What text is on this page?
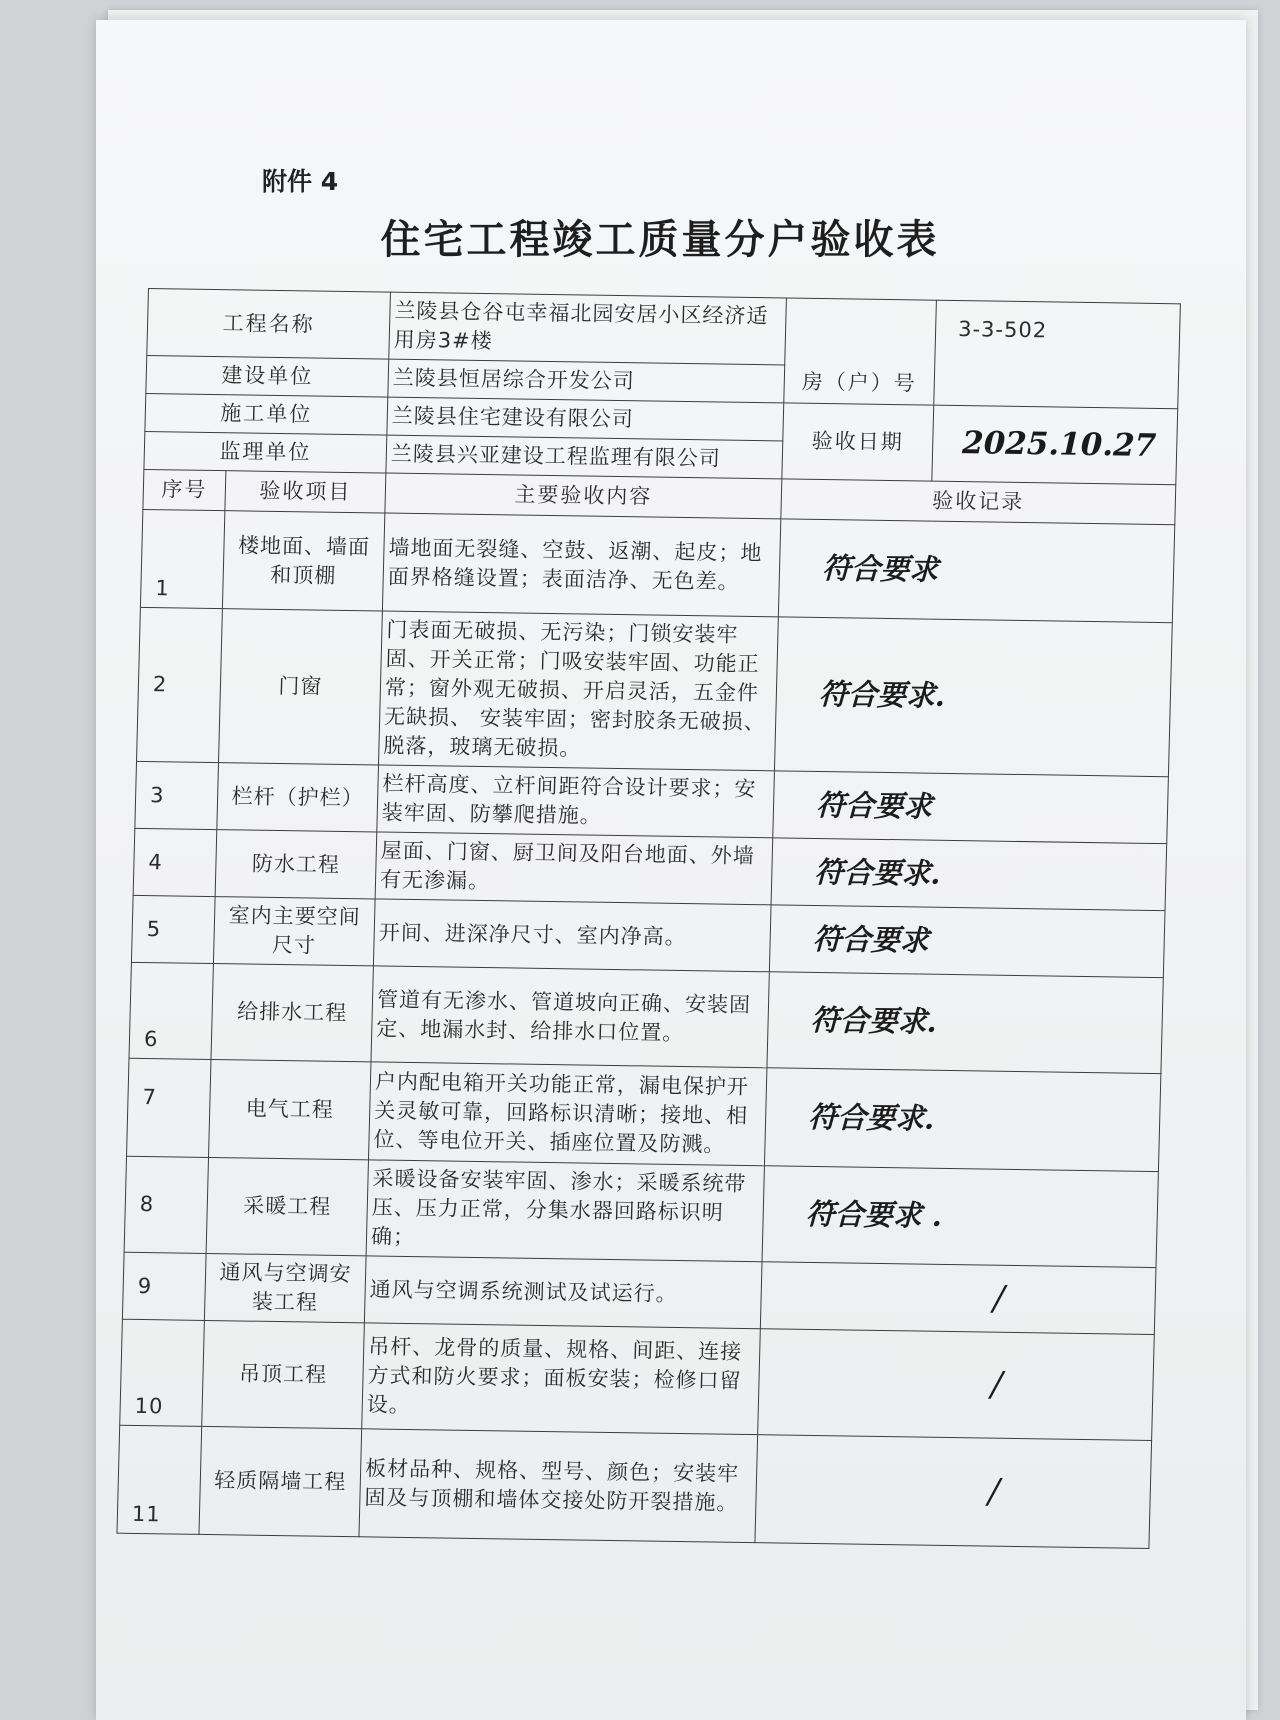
附件 4
住宅工程竣工质量分户验收表
工程名称		兰陵县仓谷屯幸福北园安居小区经济适用房3#楼	房（户）号	3-3-502
建设单位		兰陵县恒居综合开发公司		
施工单位		兰陵县住宅建设有限公司	验收日期	2025.10.27
监理单位		兰陵县兴亚建设工程监理有限公司		
序号	验收项目	主要验收内容	验收记录	
1	楼地面、墙面和顶棚	墙地面无裂缝、空鼓、返潮、起皮；地面界格缝设置；表面洁净、无色差。	符合要求	
2	门窗	门表面无破损、无污染；门锁安装牢固、开关正常；门吸安装牢固、功能正常；窗外观无破损、开启灵活，五金件无缺损、 安装牢固；密封胶条无破损、脱落，玻璃无破损。	符合要求.	
3	栏杆（护栏）	栏杆高度、立杆间距符合设计要求；安装牢固、防攀爬措施。	符合要求	
4	防水工程	屋面、门窗、厨卫间及阳台地面、外墙有无渗漏。	符合要求.	
5	室内主要空间尺寸	开间、进深净尺寸、室内净高。	符合要求	
6	给排水工程	管道有无渗水、管道坡向正确、安装固定、地漏水封、给排水口位置。	符合要求.	
7	电气工程	户内配电箱开关功能正常，漏电保护开关灵敏可靠，回路标识清晰；接地、相位、等电位开关、插座位置及防溅。	符合要求.	
8	采暖工程	采暖设备安装牢固、渗水；采暖系统带压、压力正常，分集水器回路标识明确；	符合要求 .	
9	通风与空调安装工程	通风与空调系统测试及试运行。	/	
10	吊顶工程	吊杆、龙骨的质量、规格、间距、连接方式和防火要求；面板安装；检修口留设。	/	
11	轻质隔墙工程	板材品种、规格、型号、颜色；安装牢固及与顶棚和墙体交接处防开裂措施。	/	
